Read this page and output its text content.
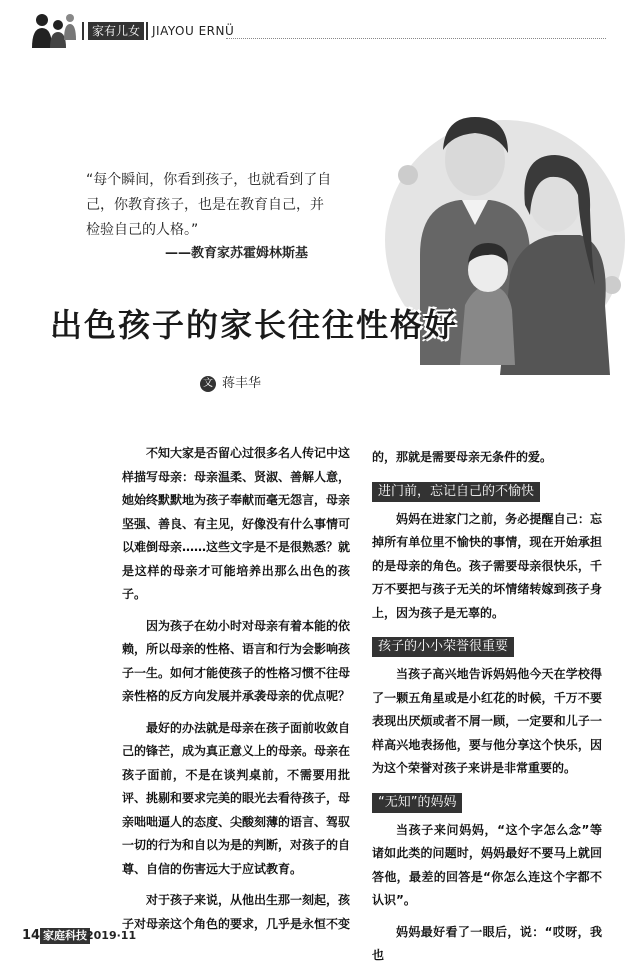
家有儿女 JIAYOU ERNÜ
“每个瞬间，你看到孩子，也就看到了自己，你教育孩子，也是在教育自己，并检验自己的人格。”
——教育家苏霍姆林斯基
出色孩子的家长往往性格好
文 蒋丰华

不知大家是否留心过很多名人传记中这样描写母亲：母亲温柔、贤淑、善解人意，她始终默默地为孩子奉献而毫无怨言，母亲坚强、善良、有主见，好像没有什么事情可以难倒母亲……这些文字是不是很熟悉？就是这样的母亲才可能培养出那么出色的孩子。

因为孩子在幼小时对母亲有着本能的依赖，所以母亲的性格、语言和行为会影响孩子一生。如何才能使孩子的性格习惯不往母亲性格的反方向发展并承袭母亲的优点呢？

最好的办法就是母亲在孩子面前收敛自己的锋芒，成为真正意义上的母亲。母亲在孩子面前，不是在谈判桌前，不需要用批评、挑剔和要求完美的眼光去看待孩子，母亲咄咄逼人的态度、尖酸刻薄的语言、驾驭一切的行为和自以为是的判断，对孩子的自尊、自信的伤害远大于应试教育。

对于孩子来说，从他出生那一刻起，孩子对母亲这个角色的要求，几乎是永恒不变

的，那就是需要母亲无条件的爱。

进门前，忘记自己的不愉快

妈妈在进家门之前，务必提醒自己：忘掉所有单位里不愉快的事情，现在开始承担的是母亲的角色。孩子需要母亲很快乐，千万不要把与孩子无关的坏情绪转嫁到孩子身上，因为孩子是无辜的。

孩子的小小荣誉很重要

当孩子高兴地告诉妈妈他今天在学校得了一颗五角星或是小红花的时候，千万不要表现出厌烦或者不屑一顾，一定要和儿子一样高兴地表扬他，要与他分享这个快乐，因为这个荣誉对孩子来讲是非常重要的。

“无知”的妈妈

当孩子来问妈妈，“这个字怎么念”等诸如此类的问题时，妈妈最好不要马上就回答他，最差的回答是“你怎么连这个字都不认识”。

妈妈最好看了一眼后，说：“哎呀，我也

14 家庭科技 2019·11
